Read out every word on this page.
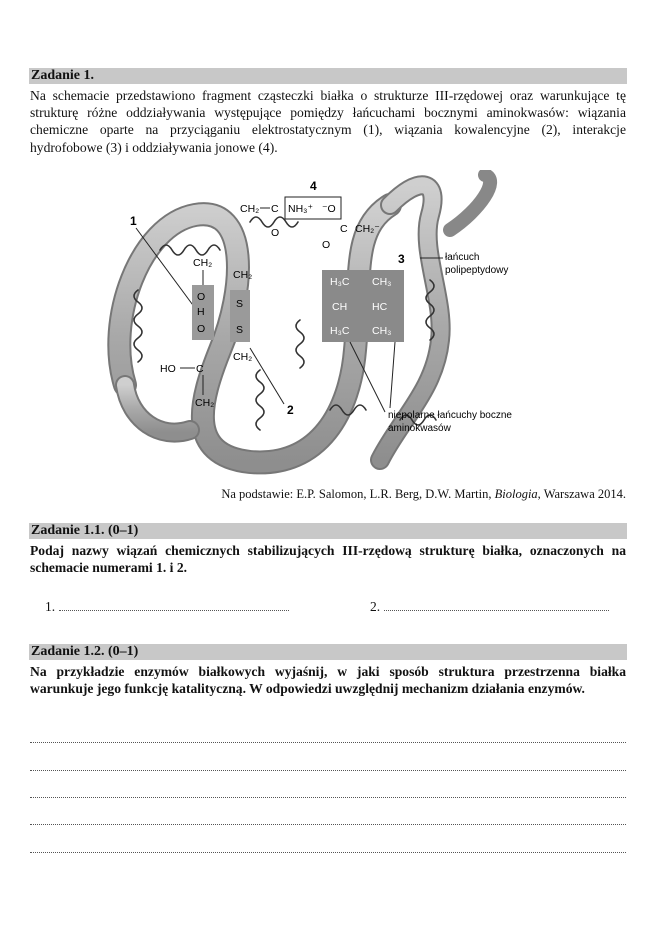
Zadanie 1.
Na schemacie przedstawiono fragment cząsteczki białka o strukturze III-rzędowej oraz warunkujące tę strukturę różne oddziaływania występujące pomiędzy łańcuchami bocznymi aminokwasów: wiązania chemiczne oparte na przyciąganiu elektrostatycznym (1), wiązania kowalencyjne (2), interakcje hydrofobowe (3) i oddziaływania jonowe (4).
1
CH₂
O
H
O
HO C
CH₂
CH₂
S
S
CH₂
2
4
CH₂ C
O
NH₃⁺ ⁻O
C CH₂⁻
O
3
H₃C CH₃
CH HC
H₃C CH₃
łańcuch
polipeptydowy
niepolarne łańcuchy boczne
aminokwasów
Na podstawie: E.P. Salomon, L.R. Berg, D.W. Martin, Biologia, Warszawa 2014.
Zadanie 1.1. (0–1)
Podaj nazwy wiązań chemicznych stabilizujących III-rzędową strukturę białka, oznaczonych na schemacie numerami 1. i 2.
1.	2.
Zadanie 1.2. (0–1)
Na przykładzie enzymów białkowych wyjaśnij, w jaki sposób struktura przestrzenna białka warunkuje jego funkcję katalityczną. W odpowiedzi uwzględnij mechanizm działania enzymów.
